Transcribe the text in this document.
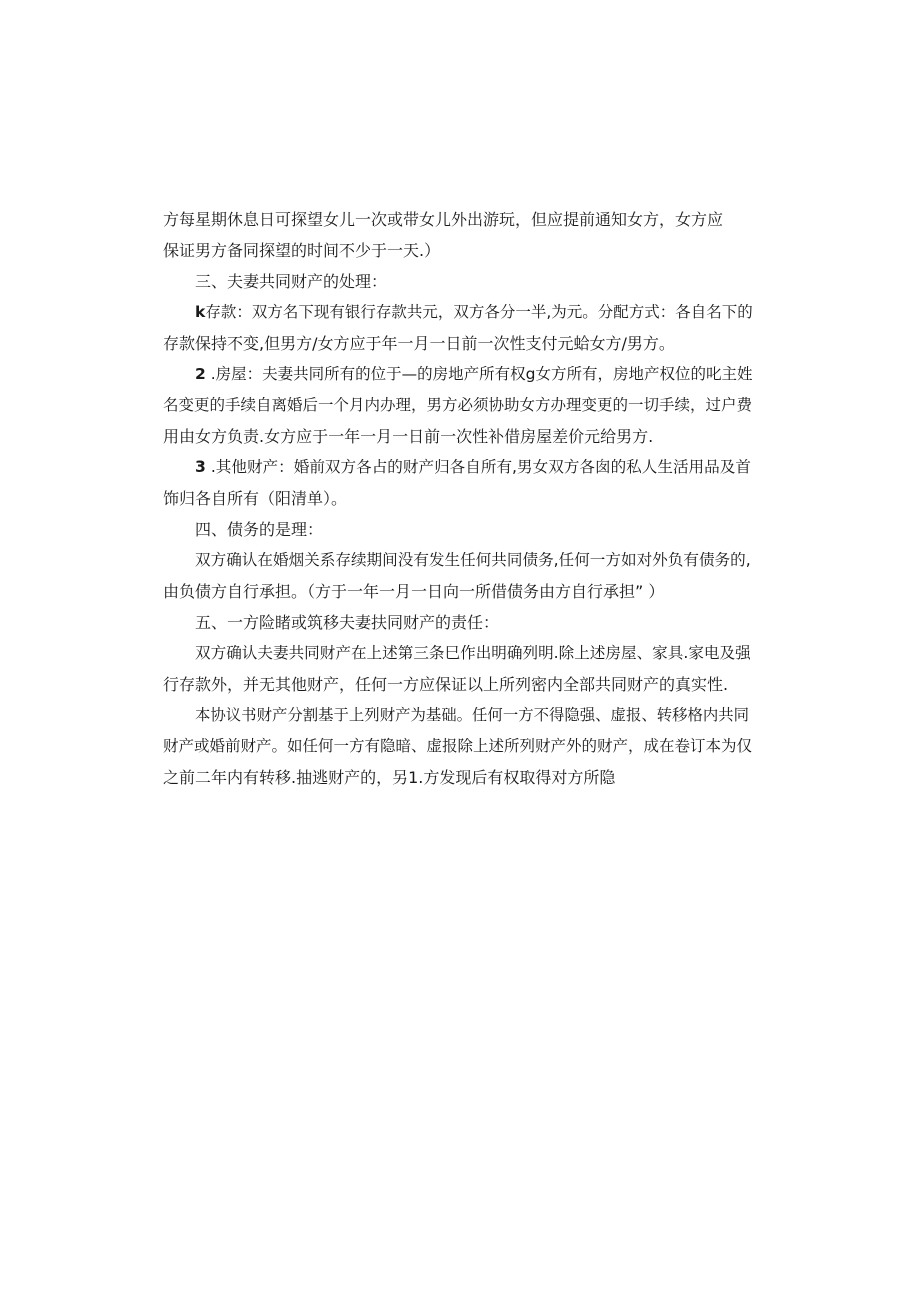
方每星期休息日可探望女儿一次或带女儿外出游玩，但应提前通知女方，女方应
保证男方备同探望的时间不少于一天.）
三、夫妻共同财产的处理：
k存款：双方名下现有银行存款共元，双方各分一半,为元。分配方式：各自名下的
存款保持不变,但男方/女方应于年一月一日前一次性支付元蛤女方/男方。
2 .房屋：夫妻共同所有的位于—的房地产所有权g女方所有，房地产权位的叱主姓
名变更的手续自离婚后一个月内办理，男方必须协助女方办理变更的一切手续，过户费
用由女方负责.女方应于一年一月一日前一次性补借房屋差价元给男方.
3 .其他财产：婚前双方各占的财产归各自所有,男女双方各囱的私人生活用品及首
饰归各自所有（阳清单）。
四、债务的是理：
双方确认在婚烟关系存续期间没有发生任何共同债务,任何一方如对外负有债务的,
由负债方自行承担。（方于一年一月一日向一所借债务由方自行承担” ）
五、一方险睹或筑移夫妻扶同财产的责任：
双方确认夫妻共同财产在上述第三条巳作出明确列明.除上述房屋、家具.家电及强
行存款外，并无其他财产，任何一方应保证以上所列密内全部共同财产的真实性.
本协议书财产分割基于上列财产为基础。任何一方不得隐强、虚报、转移格内共同
财产或婚前财产。如任何一方有隐暗、虚报除上述所列财产外的财产，成在卷订本为仅
之前二年内有转移.抽逃财产的，另1.方发现后有权取得对方所隐
